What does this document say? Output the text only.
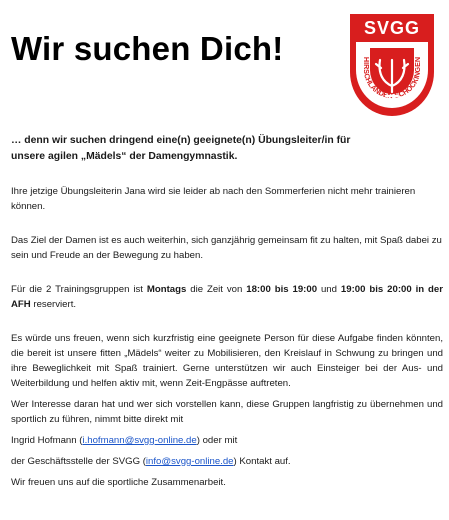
Wir suchen Dich!
SVGG
HIRSCHLANDEN-SCHÖCKINGEN

… denn wir suchen dringend eine(n) geeignete(n) Übungsleiter/in für
unsere agilen „Mädels“ der Damengymnastik.

Ihre jetzige Übungsleiterin Jana wird sie leider ab nach den Sommerferien nicht mehr trainieren können.

Das Ziel der Damen ist es auch weiterhin, sich ganzjährig gemeinsam fit zu halten, mit Spaß dabei zu sein und Freude an der Bewegung zu haben.

Für die 2 Trainingsgruppen ist Montags die Zeit von 18:00 bis 19:00 und 19:00 bis 20:00 in der AFH reserviert.

Es würde uns freuen, wenn sich kurzfristig eine geeignete Person für diese Aufgabe finden könnten, die bereit ist unsere fitten „Mädels“ weiter zu Mobilisieren, den Kreislauf in Schwung zu bringen und ihre Beweglichkeit mit Spaß trainiert. Gerne unterstützen wir auch Einsteiger bei der Aus- und Weiterbildung und helfen aktiv mit, wenn Zeit-Engpässe auftreten.

Wer Interesse daran hat und wer sich vorstellen kann, diese Gruppen langfristig zu übernehmen und sportlich zu führen, nimmt bitte direkt mit

Ingrid Hofmann (i.hofmann@svgg-online.de) oder mit

der Geschäftsstelle der SVGG (info@svgg-online.de) Kontakt auf.

Wir freuen uns auf die sportliche Zusammenarbeit.
